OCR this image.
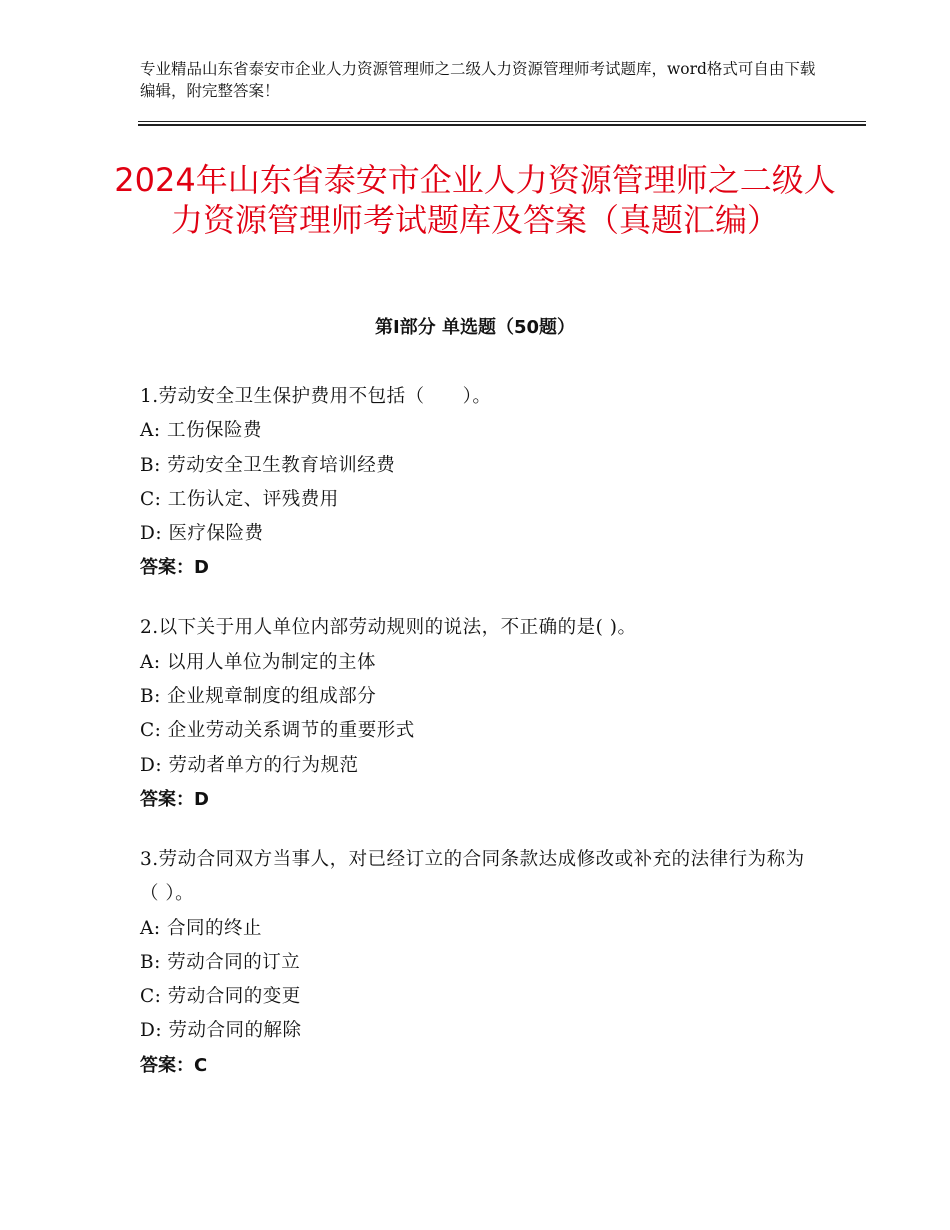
专业精品山东省泰安市企业人力资源管理师之二级人力资源管理师考试题库，word格式可自由下载编辑，附完整答案！
2024年山东省泰安市企业人力资源管理师之二级人力资源管理师考试题库及答案（真题汇编）
第Ⅰ部分 单选题（50题）
1.劳动安全卫生保护费用不包括（　　）。
A: 工伤保险费
B: 劳动安全卫生教育培训经费
C: 工伤认定、评残费用
D: 医疗保险费
答案：D
2.以下关于用人单位内部劳动规则的说法，不正确的是( )。
A: 以用人单位为制定的主体
B: 企业规章制度的组成部分
C: 企业劳动关系调节的重要形式
D: 劳动者单方的行为规范
答案：D
3.劳动合同双方当事人，对已经订立的合同条款达成修改或补充的法律行为称为（ ）。
A: 合同的终止
B: 劳动合同的订立
C: 劳动合同的变更
D: 劳动合同的解除
答案：C
